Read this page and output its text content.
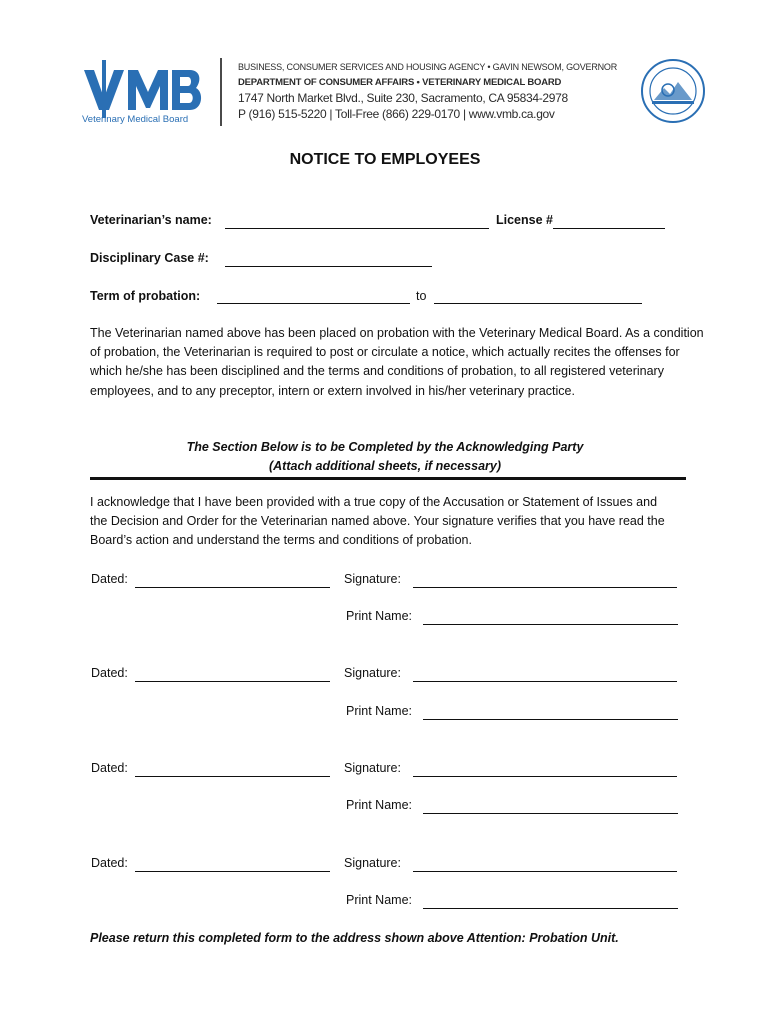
Veterinary Medical Board
BUSINESS, CONSUMER SERVICES AND HOUSING AGENCY • GAVIN NEWSOM, GOVERNOR
DEPARTMENT OF CONSUMER AFFAIRS • VETERINARY MEDICAL BOARD
1747 North Market Blvd., Suite 230, Sacramento, CA 95834-2978
P (916) 515-5220 | Toll-Free (866) 229-0170 | www.vmb.ca.gov
NOTICE TO EMPLOYEES
Veterinarian’s name:	License #
Disciplinary Case #:
Term of probation:	to
The Veterinarian named above has been placed on probation with the Veterinary Medical Board. As a condition of probation, the Veterinarian is required to post or circulate a notice, which actually recites the offenses for which he/she has been disciplined and the terms and conditions of probation, to all registered veterinary employees, and to any preceptor, intern or extern involved in his/her veterinary practice.
The Section Below is to be Completed by the Acknowledging Party
(Attach additional sheets, if necessary)
I acknowledge that I have been provided with a true copy of the Accusation or Statement of Issues and the Decision and Order for the Veterinarian named above. Your signature verifies that you have read the Board’s action and understand the terms and conditions of probation.
Dated:	Signature:
Print Name:
Dated:	Signature:
Print Name:
Dated:	Signature:
Print Name:
Dated:	Signature:
Print Name:
Please return this completed form to the address shown above Attention: Probation Unit.
